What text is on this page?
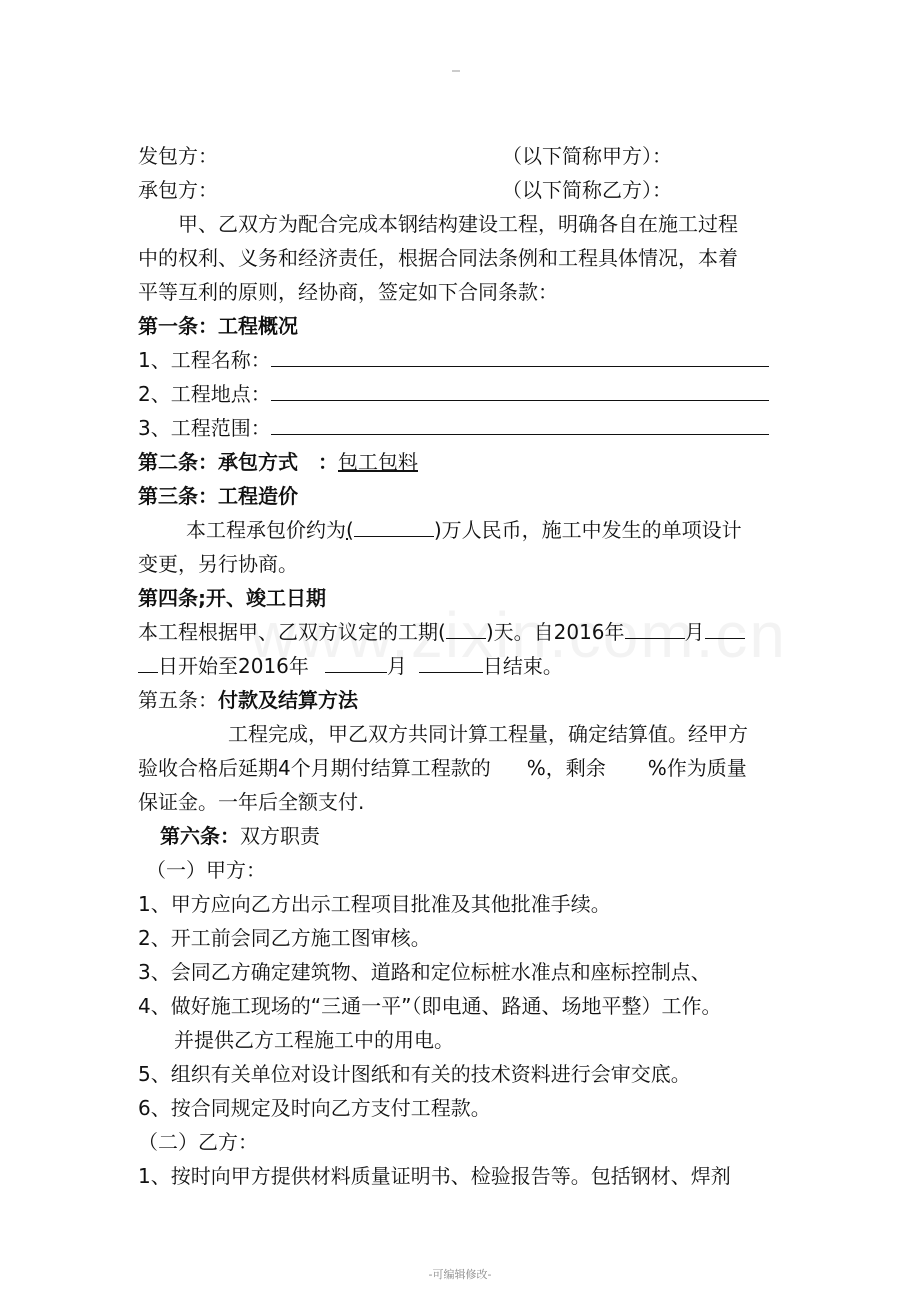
发包方：	（以下简称甲方）：
承包方：	（以下简称乙方）：
甲、乙双方为配合完成本钢结构建设工程，明确各自在施工过程
中的权利、义务和经济责任，根据合同法条例和工程具体情况，本着
平等互利的原则，经协商，签定如下合同条款：
第一条：工程概况
1、工程名称：
2、工程地点：
3、工程范围：
第二条：承包方式　：包工包料
第三条：工程造价
本工程承包价约为(	)万人民币，施工中发生的单项设计
变更，另行协商。
第四条;开、竣工日期
本工程根据甲、乙双方议定的工期( )天。自2016年	月
日开始至2016年	月	日结束。
第五条：付款及结算方法
工程完成，甲乙双方共同计算工程量，确定结算值。经甲方
验收合格后延期4个月期付结算工程款的 %，剩余 %作为质量
保证金。一年后全额支付.
第六条：双方职责
（一）甲方：
1、甲方应向乙方出示工程项目批准及其他批准手续。
2、开工前会同乙方施工图审核。
3、会同乙方确定建筑物、道路和定位标桩水准点和座标控制点、
4、做好施工现场的“三通一平”（即电通、路通、场地平整）工作。
并提供乙方工程施工中的用电。
5、组织有关单位对设计图纸和有关的技术资料进行会审交底。
6、按合同规定及时向乙方支付工程款。
（二）乙方：
1、按时向甲方提供材料质量证明书、检验报告等。包括钢材、焊剂
-可编辑修改-
